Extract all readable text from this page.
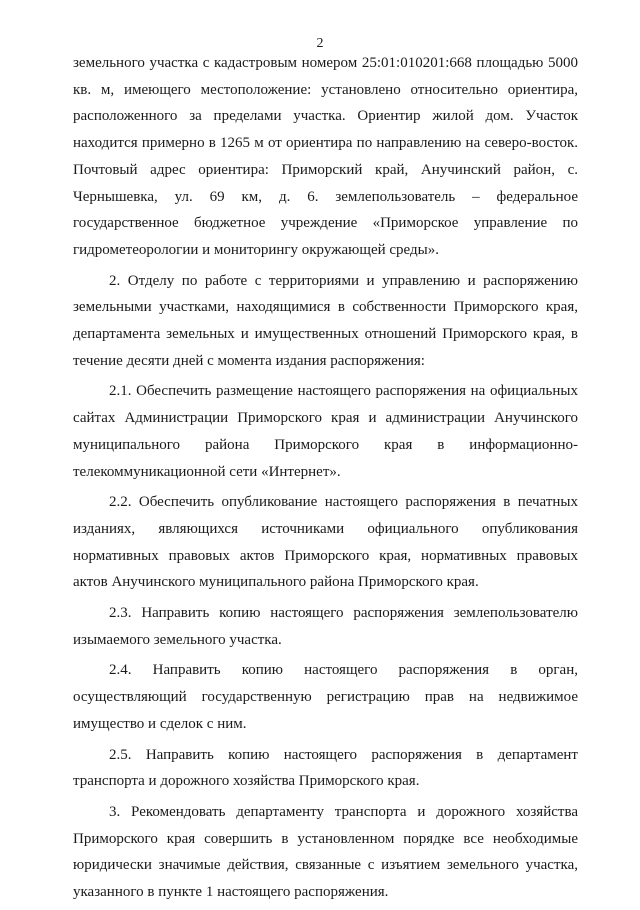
2

земельного участка с кадастровым номером 25:01:010201:668 площадью 5000 кв. м, имеющего местоположение: установлено относительно ориентира, расположенного за пределами участка. Ориентир жилой дом. Участок находится примерно в 1265 м от ориентира по направлению на северо-восток. Почтовый адрес ориентира: Приморский край, Анучинский район, с. Чернышевка, ул. 69 км, д. 6. землепользователь – федеральное государственное бюджетное учреждение «Приморское управление по гидрометеорологии и мониторингу окружающей среды».

2. Отделу по работе с территориями и управлению и распоряжению земельными участками, находящимися в собственности Приморского края, департамента земельных и имущественных отношений Приморского края, в течение десяти дней с момента издания распоряжения:

2.1. Обеспечить размещение настоящего распоряжения на официальных сайтах Администрации Приморского края и администрации Анучинского муниципального района Приморского края в информационно-телекоммуникационной сети «Интернет».

2.2. Обеспечить опубликование настоящего распоряжения в печатных изданиях, являющихся источниками официального опубликования нормативных правовых актов Приморского края, нормативных правовых актов Анучинского муниципального района Приморского края.

2.3. Направить копию настоящего распоряжения землепользователю изымаемого земельного участка.

2.4. Направить копию настоящего распоряжения в орган, осуществляющий государственную регистрацию прав на недвижимое имущество и сделок с ним.

2.5. Направить копию настоящего распоряжения в департамент транспорта и дорожного хозяйства Приморского края.

3. Рекомендовать департаменту транспорта и дорожного хозяйства Приморского края совершить в установленном порядке все необходимые юридически значимые действия, связанные с изъятием земельного участка, указанного в пункте 1 настоящего распоряжения.
